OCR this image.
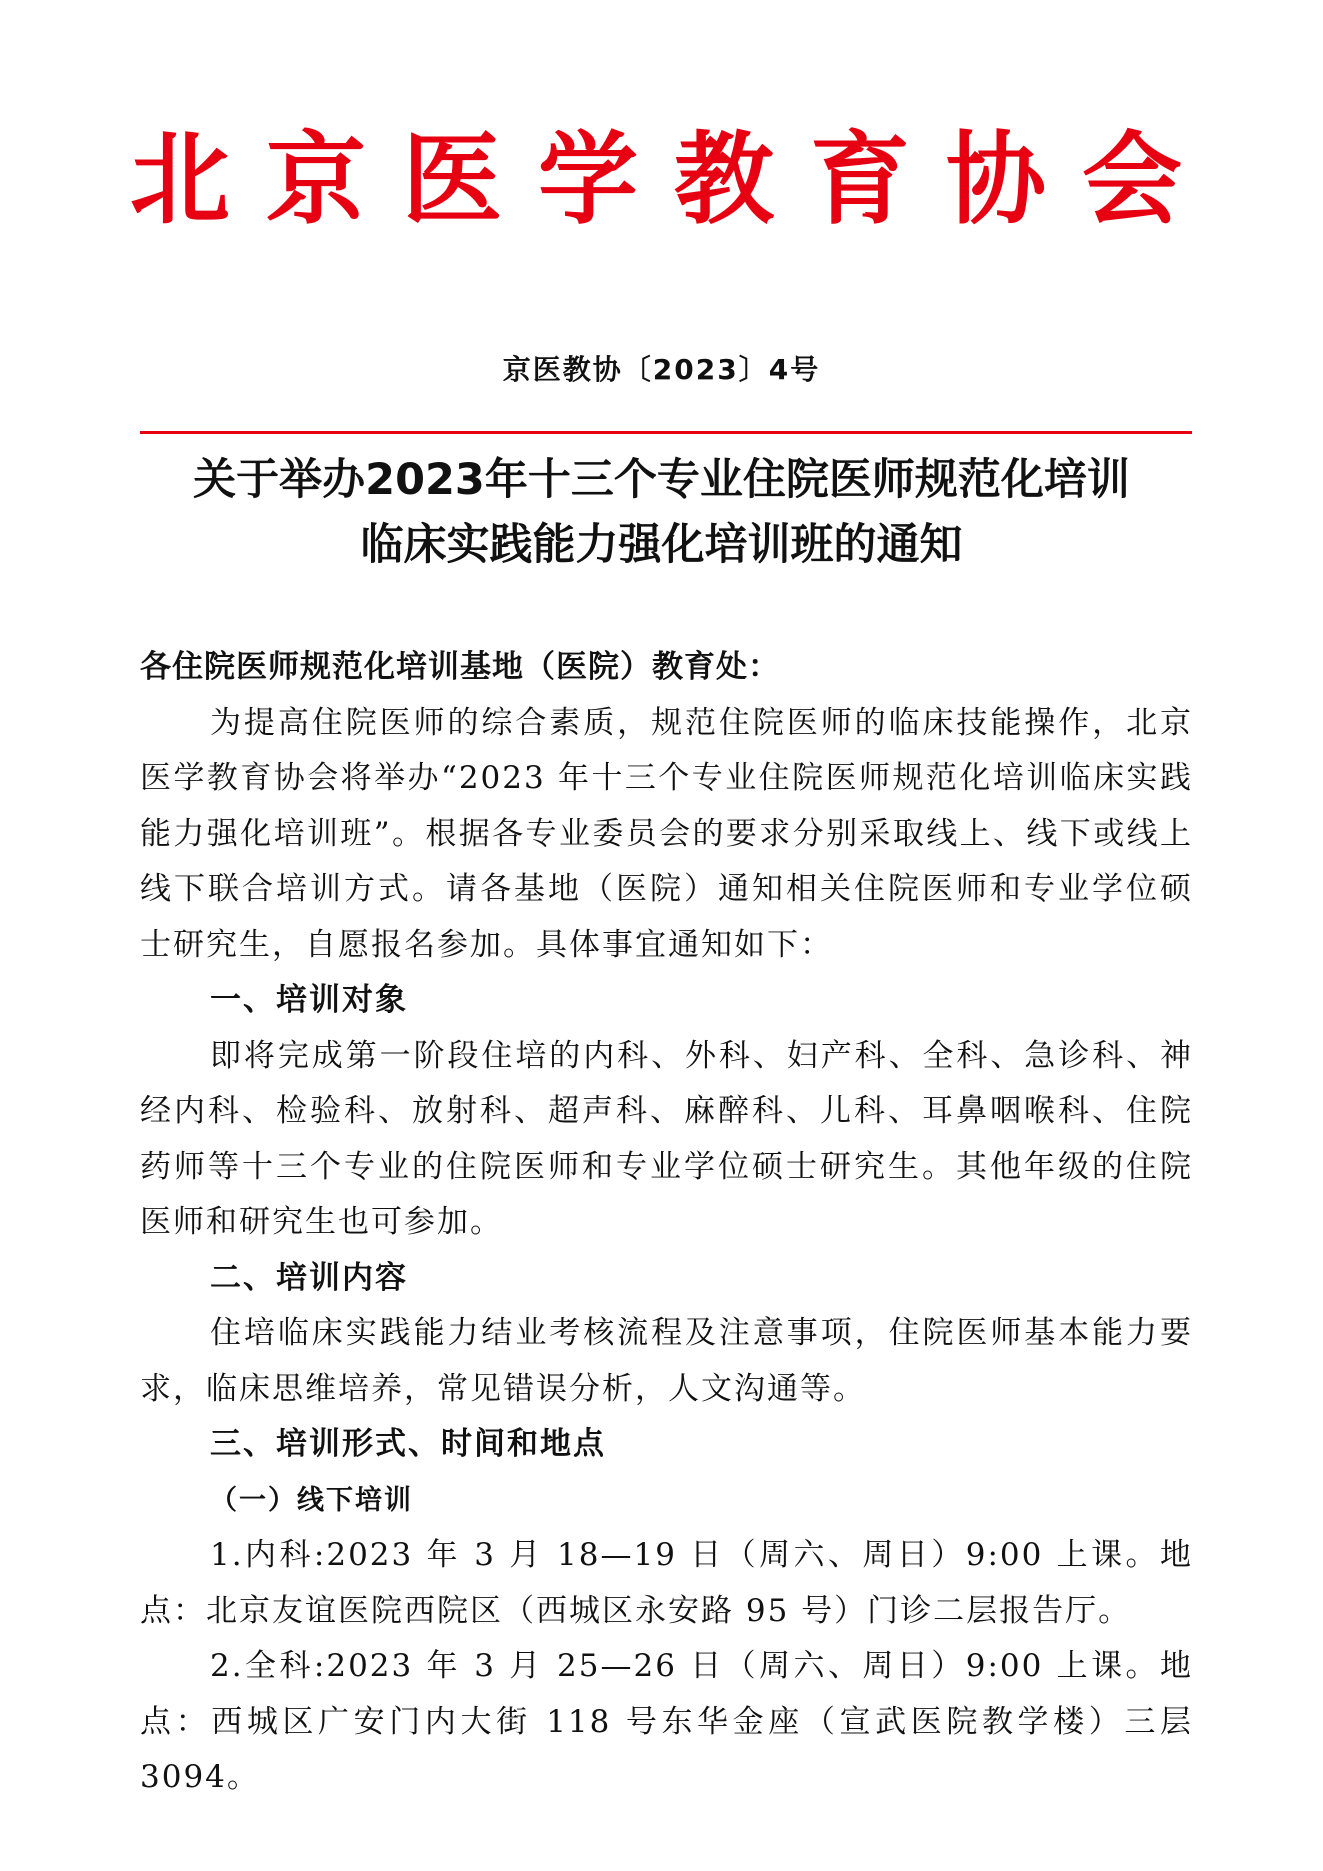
北京医学教育协会
京医教协〔2023〕4号
关于举办2023年十三个专业住院医师规范化培训
临床实践能力强化培训班的通知

各住院医师规范化培训基地（医院）教育处：

为提高住院医师的综合素质，规范住院医师的临床技能操作，北京医学教育协会将举办“2023 年十三个专业住院医师规范化培训临床实践能力强化培训班”。根据各专业委员会的要求分别采取线上、线下或线上线下联合培训方式。请各基地（医院）通知相关住院医师和专业学位硕士研究生，自愿报名参加。具体事宜通知如下：

一、培训对象

即将完成第一阶段住培的内科、外科、妇产科、全科、急诊科、神经内科、检验科、放射科、超声科、麻醉科、儿科、耳鼻咽喉科、住院药师等十三个专业的住院医师和专业学位硕士研究生。其他年级的住院医师和研究生也可参加。

二、培训内容

住培临床实践能力结业考核流程及注意事项，住院医师基本能力要求，临床思维培养，常见错误分析，人文沟通等。

三、培训形式、时间和地点

（一）线下培训

1.内科:2023 年 3 月 18—19 日（周六、周日）9:00 上课。地点：北京友谊医院西院区（西城区永安路 95 号）门诊二层报告厅。

2.全科:2023 年 3 月 25—26 日（周六、周日）9:00 上课。地点：西城区广安门内大街 118 号东华金座（宣武医院教学楼）三层 3094。
